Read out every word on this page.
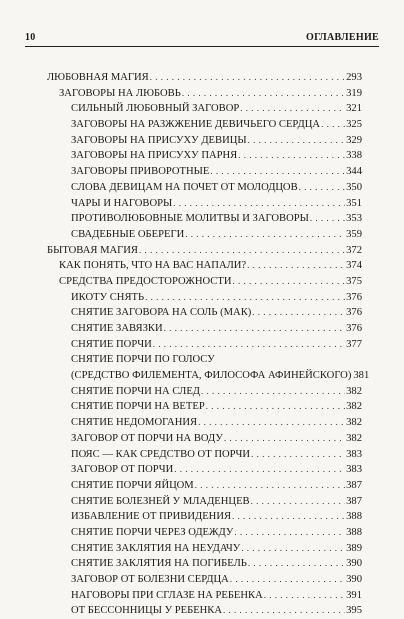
10	ОГЛАВЛЕНИЕ
ЛЮБОВНАЯ МАГИЯ . . .	293
ЗАГОВОРЫ НА ЛЮБОВЬ . . .	319
СИЛЬНЫЙ ЛЮБОВНЫЙ ЗАГОВОР . . .	321
ЗАГОВОРЫ НА РАЗЖЖЕНИЕ ДЕВИЧЬЕГО СЕРДЦА . . . 325
ЗАГОВОРЫ НА ПРИСУХУ ДЕВИЦЫ . . .	329
ЗАГОВОРЫ НА ПРИСУХУ ПАРНЯ . . .	338
ЗАГОВОРЫ ПРИВОРОТНЫЕ . . .	344
СЛОВА ДЕВИЦАМ НА ПОЧЕТ ОТ МОЛОДЦОВ . . .	350
ЧАРЫ И НАГОВОРЫ . . .	351
ПРОТИВОЛЮБОВНЫЕ МОЛИТВЫ И ЗАГОВОРЫ . . .	353
СВАДЕБНЫЕ ОБЕРЕГИ . . .	359
БЫТОВАЯ МАГИЯ . . .	372
КАК ПОНЯТЬ, ЧТО НА ВАС НАПАЛИ? . . .	374
СРЕДСТВА ПРЕДОСТОРОЖНОСТИ . . .	375
ИКОТУ СНЯТЬ . . .	376
СНЯТИЕ ЗАГОВОРА НА СОЛЬ (МАК) . . .	376
СНЯТИЕ ЗАВЯЗКИ . . .	376
СНЯТИЕ ПОРЧИ . . .	377
СНЯТИЕ ПОРЧИ ПО ГОЛОСУ
(СРЕДСТВО ФИЛЕМЕНТА, ФИЛОСОФА АФИНЕЙСКОГО) 381
СНЯТИЕ ПОРЧИ НА СЛЕД . . .	382
СНЯТИЕ ПОРЧИ НА ВЕТЕР . . .	382
СНЯТИЕ НЕДОМОГАНИЯ . . .	382
ЗАГОВОР ОТ ПОРЧИ НА ВОДУ . . .	382
ПОЯС — КАК СРЕДСТВО ОТ ПОРЧИ . . .	383
ЗАГОВОР ОТ ПОРЧИ . . .	383
СНЯТИЕ ПОРЧИ ЯЙЦОМ . . .	387
СНЯТИЕ БОЛЕЗНЕЙ У МЛАДЕНЦЕВ . . .	387
ИЗБАВЛЕНИЕ ОТ ПРИВИДЕНИЯ . . .	388
СНЯТИЕ ПОРЧИ ЧЕРЕЗ ОДЕЖДУ . . .	388
СНЯТИЕ ЗАКЛЯТИЯ НА НЕУДАЧУ . . .	389
СНЯТИЕ ЗАКЛЯТИЯ НА ПОГИБЕЛЬ . . .	390
ЗАГОВОР ОТ БОЛЕЗНИ СЕРДЦА . . .	390
НАГОВОРЫ ПРИ СГЛАЗЕ НА РЕБЕНКА . . .	391
ОТ БЕССОННИЦЫ У РЕБЕНКА . . .	395
